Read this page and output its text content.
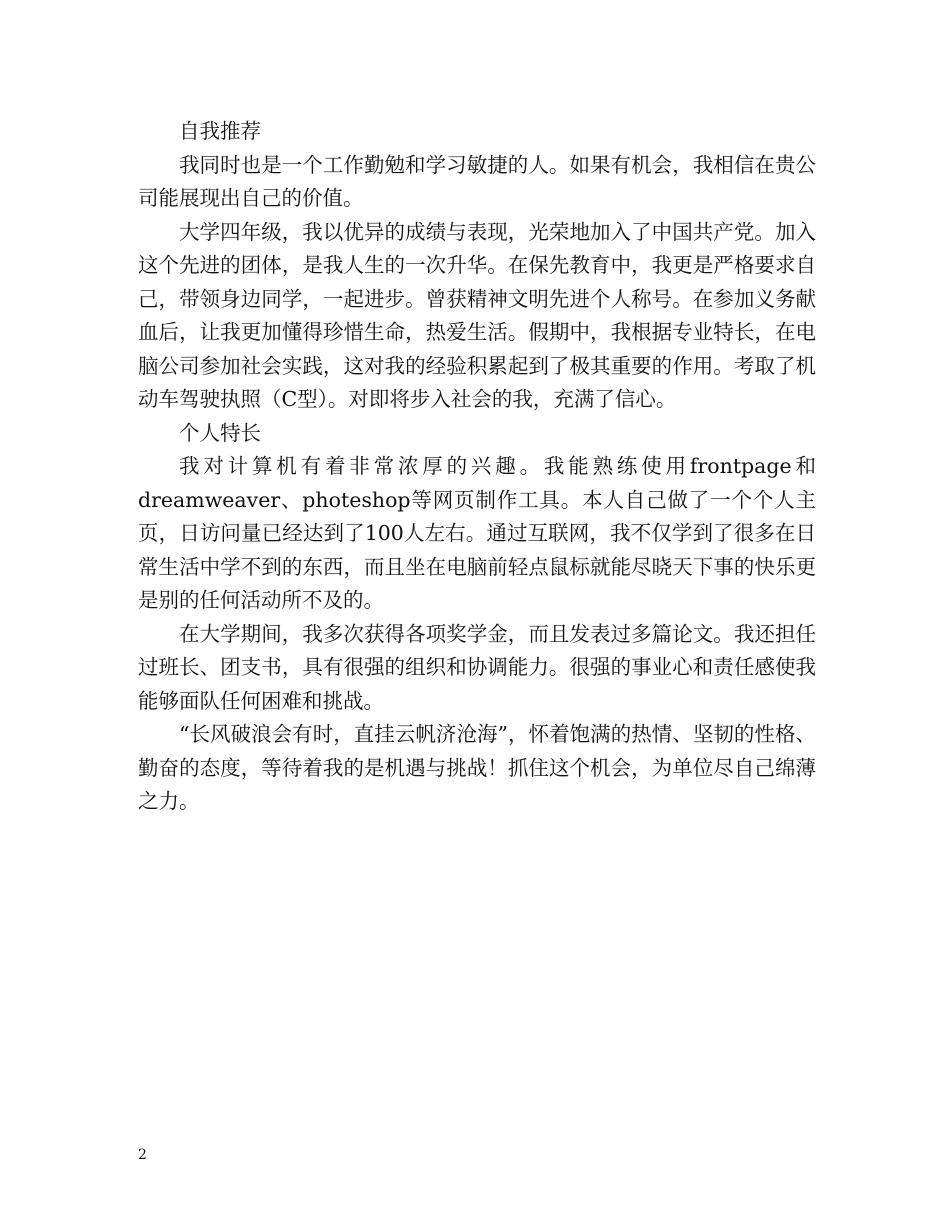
自我推荐

我同时也是一个工作勤勉和学习敏捷的人。如果有机会，我相信在贵公司能展现出自己的价值。

大学四年级，我以优异的成绩与表现，光荣地加入了中国共产党。加入这个先进的团体，是我人生的一次升华。在保先教育中，我更是严格要求自己，带领身边同学，一起进步。曾获精神文明先进个人称号。在参加义务献血后，让我更加懂得珍惜生命，热爱生活。假期中，我根据专业特长，在电脑公司参加社会实践，这对我的经验积累起到了极其重要的作用。考取了机动车驾驶执照（C型）。对即将步入社会的我，充满了信心。

个人特长

我对计算机有着非常浓厚的兴趣。我能熟练使用frontpage和dreamweaver、photeshop等网页制作工具。本人自己做了一个个人主页，日访问量已经达到了100人左右。通过互联网，我不仅学到了很多在日常生活中学不到的东西，而且坐在电脑前轻点鼠标就能尽晓天下事的快乐更是别的任何活动所不及的。

在大学期间，我多次获得各项奖学金，而且发表过多篇论文。我还担任过班长、团支书，具有很强的组织和协调能力。很强的事业心和责任感使我能够面队任何困难和挑战。

“长风破浪会有时，直挂云帆济沧海”，怀着饱满的热情、坚韧的性格、勤奋的态度，等待着我的是机遇与挑战！抓住这个机会，为单位尽自己绵薄之力。

2
